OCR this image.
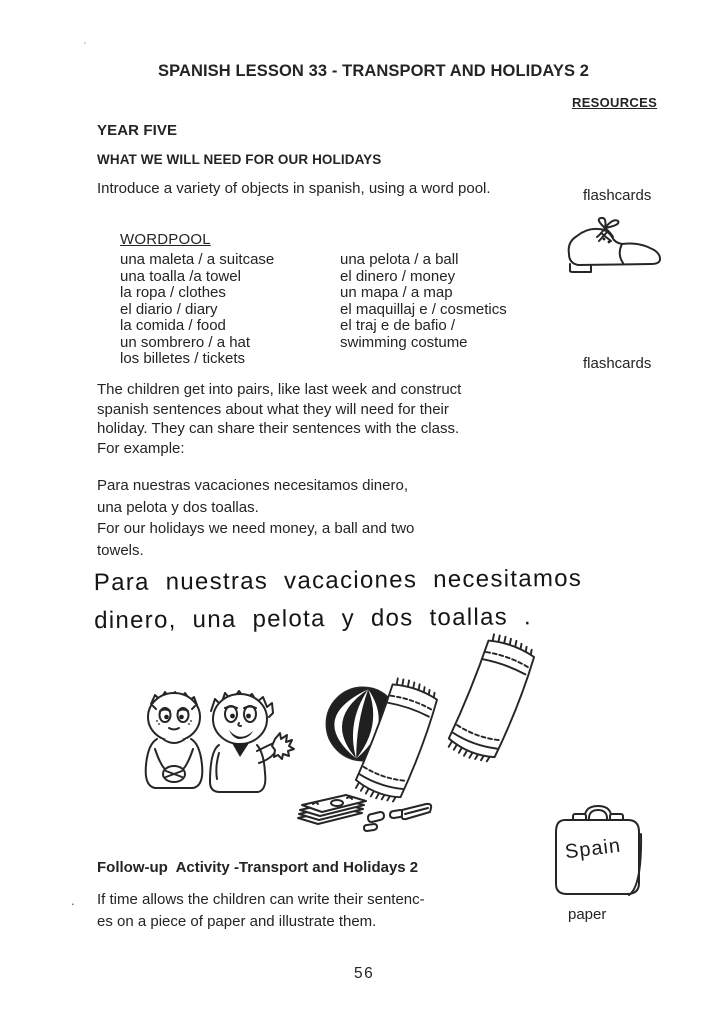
SPANISH LESSON 33 - TRANSPORT AND HOLIDAYS 2
RESOURCES
YEAR FIVE
WHAT WE WILL NEED FOR OUR HOLIDAYS
Introduce a variety of objects in spanish, using a word pool.	flashcards
WORDPOOL
una maleta / a suitcase
una toalla /a towel
la ropa / clothes
el diario / diary
la comida / food
un sombrero / a hat
los billetes / tickets
una pelota / a ball
el dinero / money
un mapa / a map
el maquillaj e / cosmetics
el traj e de bafio /
swimming costume
flashcards
The children get into pairs, like last week and construct
spanish sentences about what they will need for their
holiday. They can share their sentences with the class.
For example:
Para nuestras vacaciones necesitamos dinero,
una pelota y dos toallas.
For our holidays we need money, a ball and two
towels.
Para nuestras vacaciones necesitamos
dinero, una pelota y dos toallas .
Follow-up  Activity -Transport and Holidays 2
. If time allows the children can write their sentenc-
es on a piece of paper and illustrate them.
Spain
paper
56
